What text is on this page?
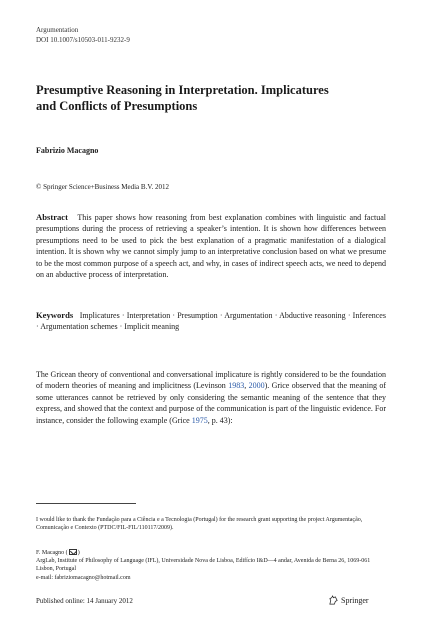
Argumentation
DOI 10.1007/s10503-011-9232-9
Presumptive Reasoning in Interpretation. Implicatures
and Conflicts of Presumptions
Fabrizio Macagno
© Springer Science+Business Media B.V. 2012
Abstract This paper shows how reasoning from best explanation combines with linguistic and factual presumptions during the process of retrieving a speaker’s intention. It is shown how differences between presumptions need to be used to pick the best explanation of a pragmatic manifestation of a dialogical intention. It is shown why we cannot simply jump to an interpretative conclusion based on what we presume to be the most common purpose of a speech act, and why, in cases of indirect speech acts, we need to depend on an abductive process of interpretation.
Keywords Implicatures · Interpretation · Presumption · Argumentation · Abductive reasoning · Inferences · Argumentation schemes · Implicit meaning
The Gricean theory of conventional and conversational implicature is rightly considered to be the foundation of modern theories of meaning and implicitness (Levinson 1983, 2000). Grice observed that the meaning of some utterances cannot be retrieved by only considering the semantic meaning of the sentence that they express, and showed that the context and purpose of the communication is part of the linguistic evidence. For instance, consider the following example (Grice 1975, p. 43):
I would like to thank the Fundação para a Ciência e a Tecnologia (Portugal) for the research grant supporting the project Argumentação, Comunicação e Contexto (PTDC/FIL-FIL/110117/2009).
F. Macagno ( )
ArgLab, Institute of Philosophy of Language (IFL), Universidade Nova de Lisboa, Edifício I&D—4 andar, Avenida de Berna 26, 1069-061 Lisbon, Portugal
e-mail: fabriziomacagno@hotmail.com
Published online: 14 January 2012	Springer
